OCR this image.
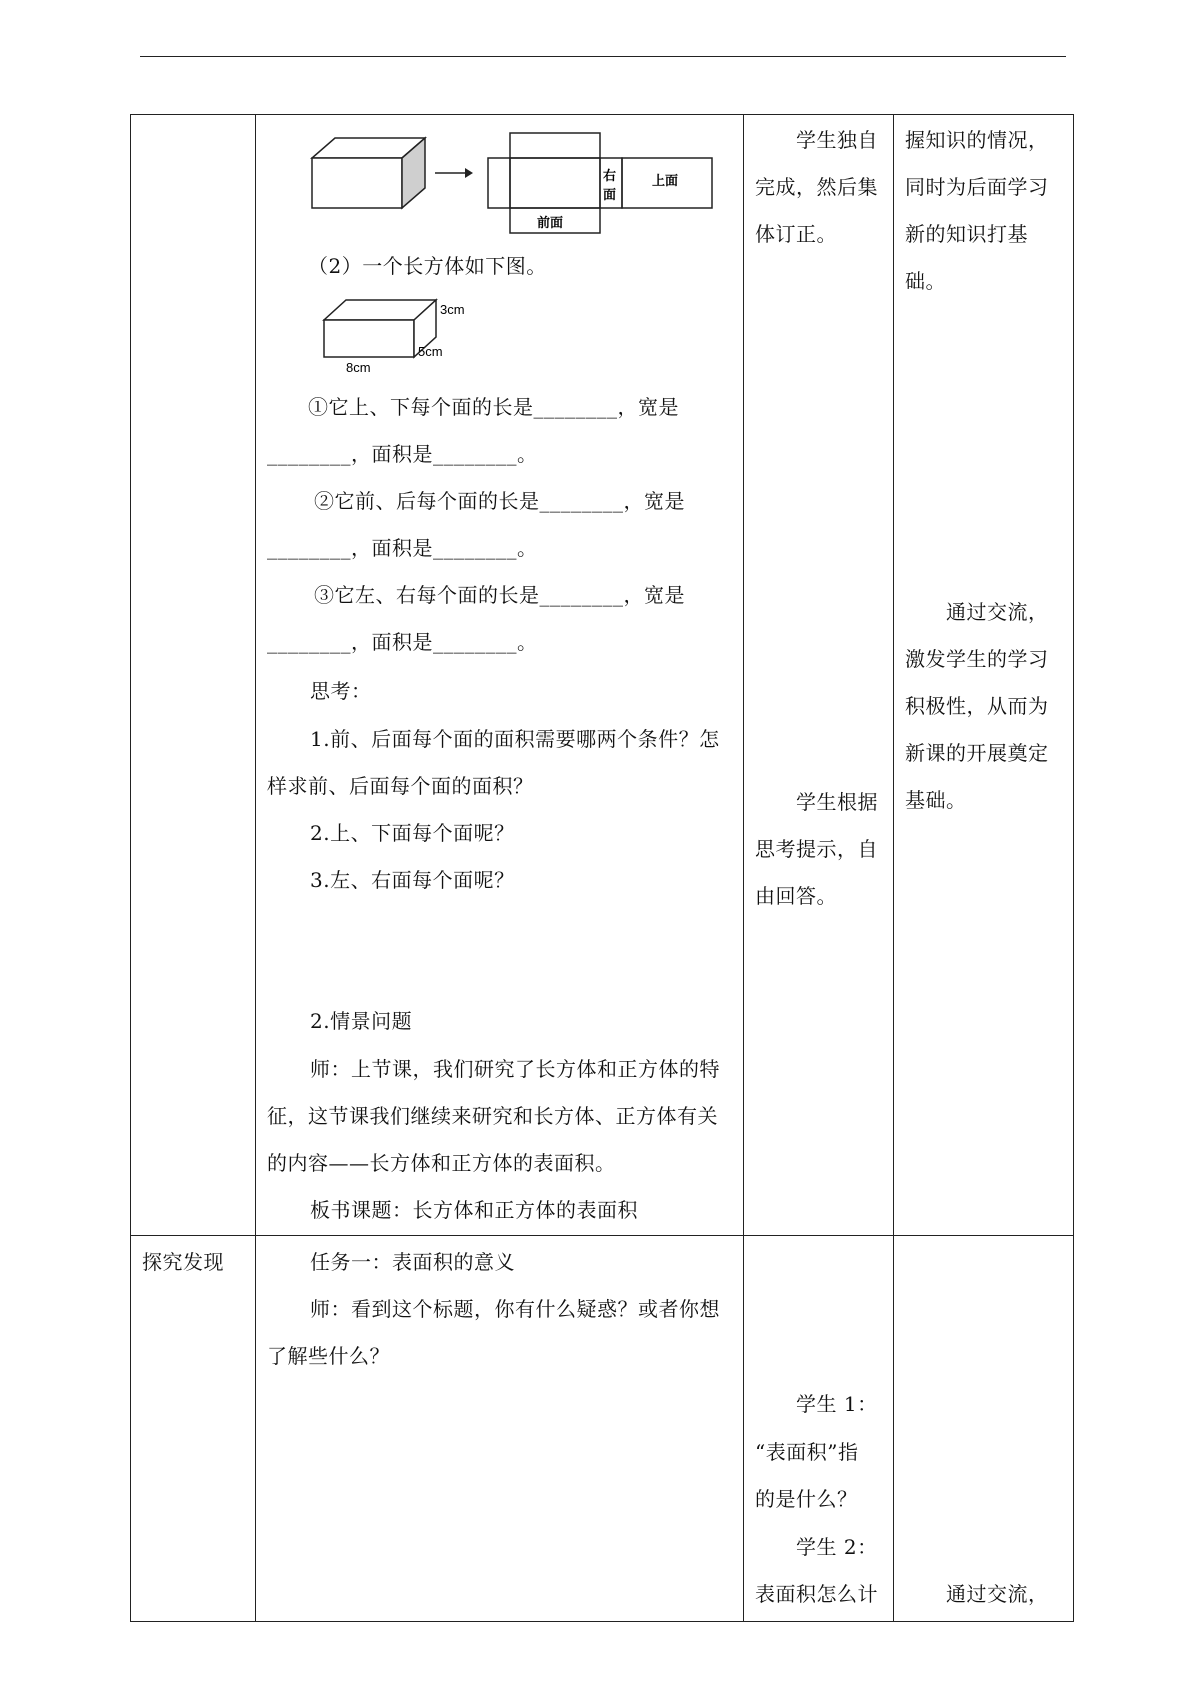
右
面
上面
前面
（2）一个长方体如下图。
3cm
5cm
8cm
①它上、下每个面的长是________，宽是
________，面积是________。
②它前、后每个面的长是________，宽是
________，面积是________。
③它左、右每个面的长是________，宽是
________，面积是________。
思考：
1.前、后面每个面的面积需要哪两个条件？怎
样求前、后面每个面的面积？
2.上、下面每个面呢？
3.左、右面每个面呢？
2.情景问题
师：上节课，我们研究了长方体和正方体的特
征，这节课我们继续来研究和长方体、正方体有关
的内容——长方体和正方体的表面积。
板书课题：长方体和正方体的表面积
学生独自
完成，然后集
体订正。
学生根据
思考提示，自
由回答。
握知识的情况，
同时为后面学习
新的知识打基
础。
通过交流，
激发学生的学习
积极性，从而为
新课的开展奠定
基础。
探究发现	任务一：表面积的意义
师：看到这个标题，你有什么疑惑？或者你想
了解些什么？
学生 1：
“表面积”指
的是什么？
学生 2：
表面积怎么计	通过交流，
